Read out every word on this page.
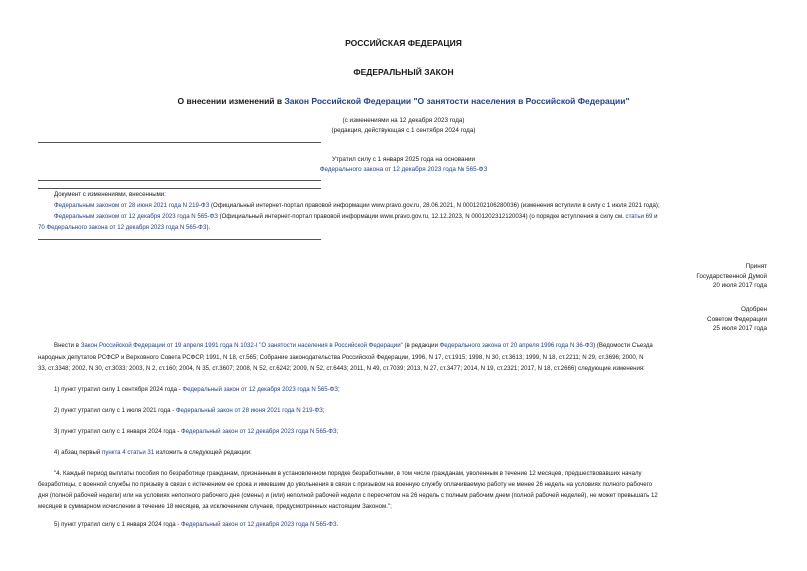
РОССИЙСКАЯ ФЕДЕРАЦИЯ
ФЕДЕРАЛЬНЫЙ ЗАКОН
О внесении изменений в Закон Российской Федерации "О занятости населения в Российской Федерации"
(с изменениями на 12 декабря 2023 года)
(редакция, действующая с 1 сентября 2024 года)
Утратил силу с 1 января 2025 года на основании
Федерального закона от 12 декабря 2023 года № 565-ФЗ
Документ с изменениями, внесенными:
Федеральным законом от 28 июня 2021 года N 219-ФЗ (Официальный интернет-портал правовой информации www.pravo.gov.ru, 28.06.2021, N 0001202106280036) (изменения вступили в силу с 1 июля 2021 года);
Федеральным законом от 12 декабря 2023 года N 565-ФЗ (Официальный интернет-портал правовой информации www.pravo.gov.ru, 12.12.2023, N 0001202312120034) (о порядке вступления в силу см. статьи 69 и
70 Федерального закона от 12 декабря 2023 года N 565-ФЗ).
Принят
Государственной Думой
20 июля 2017 года
Одобрен
Советом Федерации
25 июля 2017 года
Внести в Закон Российской Федерации от 19 апреля 1991 года N 1032-I "О занятости населения в Российской Федерации" (в редакции Федерального закона от 20 апреля 1996 года N 36-ФЗ) (Ведомости Съезда
народных депутатов РСФСР и Верховного Совета РСФСР, 1991, N 18, ст.565; Собрание законодательства Российской Федерации, 1996, N 17, ст.1915; 1998, N 30, ст.3613; 1999, N 18, ст.2211; N 29, ст.3696; 2000, N
33, ст.3348; 2002, N 30, ст.3033; 2003, N 2, ст.160; 2004, N 35, ст.3607; 2008, N 52, ст.6242; 2009, N 52, ст.6443; 2011, N 49, ст.7039; 2013, N 27, ст.3477; 2014, N 19, ст.2321; 2017, N 18, ст.2666) следующие изменения:
1) пункт утратил силу 1 сентября 2024 года - Федеральный закон от 12 декабря 2023 года N 565-ФЗ;
2) пункт утратил силу с 1 июля 2021 года - Федеральный закон от 28 июня 2021 года N 219-ФЗ;
3) пункт утратил силу с 1 января 2024 года - Федеральный закон от 12 декабря 2023 года N 565-ФЗ;
4) абзац первый пункта 4 статьи 31 изложить в следующей редакции:
"4. Каждый период выплаты пособия по безработице гражданам, признанным в установленном порядке безработными, в том числе гражданам, уволенным в течение 12 месяцев, предшествовавших началу
безработицы, с военной службы по призыву в связи с истечением ее срока и имевшим до увольнения в связи с призывом на военную службу оплачиваемую работу не менее 26 недель на условиях полного рабочего
дня (полной рабочей недели) или на условиях неполного рабочего дня (смены) и (или) неполной рабочей недели с пересчетом на 26 недель с полным рабочим днем (полной рабочей неделей), не может превышать 12
месяцев в суммарном исчислении в течение 18 месяцев, за исключением случаев, предусмотренных настоящим Законом.";
5) пункт утратил силу с 1 января 2024 года - Федеральный закон от 12 декабря 2023 года N 565-ФЗ.
